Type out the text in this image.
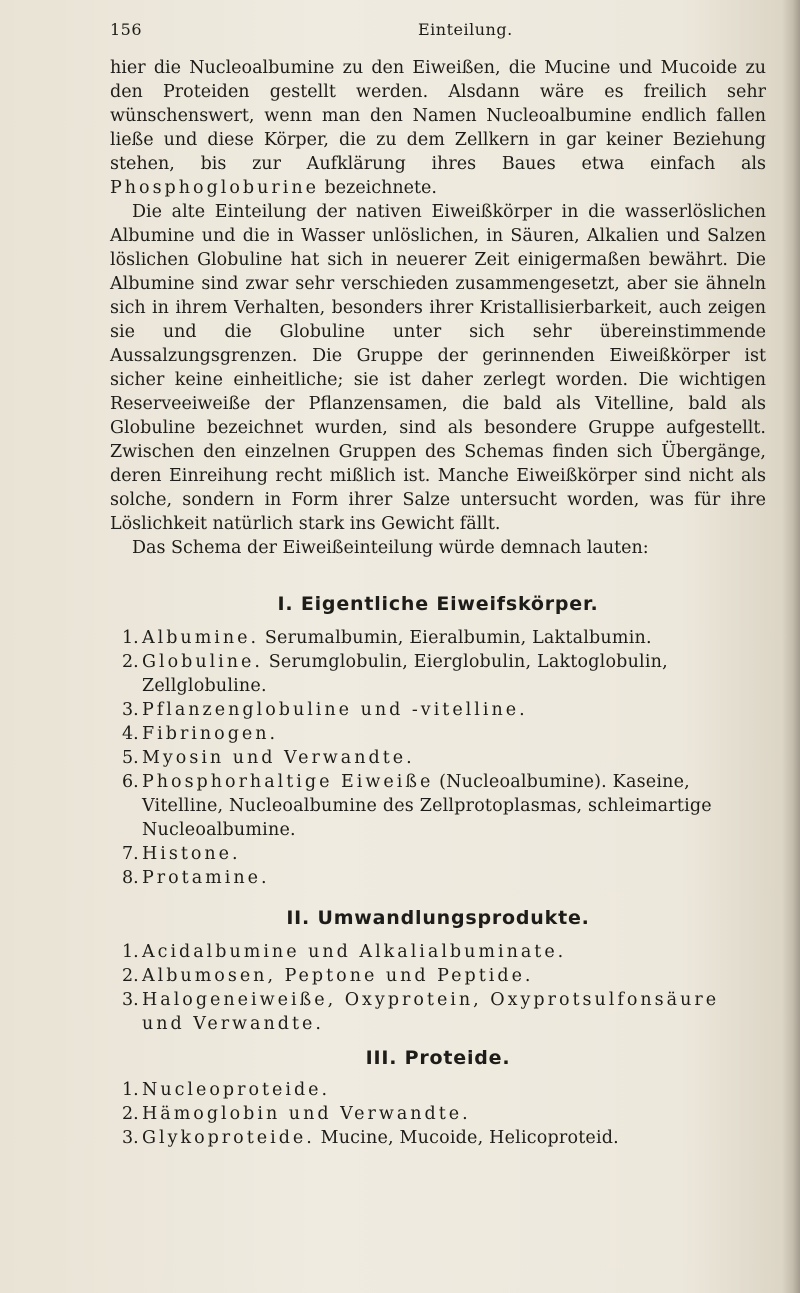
156	Einteilung.

hier die Nucleoalbumine zu den Eiweißen, die Mucine und Mucoide zu den Proteiden gestellt werden. Alsdann wäre es freilich sehr wünschenswert, wenn man den Namen Nucleoalbumine endlich fallen ließe und diese Körper, die zu dem Zellkern in gar keiner Beziehung stehen, bis zur Aufklärung ihres Baues etwa einfach als Phosphogloburine bezeichnete.

Die alte Einteilung der nativen Eiweißkörper in die wasserlöslichen Albumine und die in Wasser unlöslichen, in Säuren, Alkalien und Salzen löslichen Globuline hat sich in neuerer Zeit einigermaßen bewährt. Die Albumine sind zwar sehr verschieden zusammengesetzt, aber sie ähneln sich in ihrem Verhalten, besonders ihrer Kristallisierbarkeit, auch zeigen sie und die Globuline unter sich sehr übereinstimmende Aussalzungsgrenzen. Die Gruppe der gerinnenden Eiweißkörper ist sicher keine einheitliche; sie ist daher zerlegt worden. Die wichtigen Reserveeiweiße der Pflanzensamen, die bald als Vitelline, bald als Globuline bezeichnet wurden, sind als besondere Gruppe aufgestellt. Zwischen den einzelnen Gruppen des Schemas finden sich Übergänge, deren Einreihung recht mißlich ist. Manche Eiweißkörper sind nicht als solche, sondern in Form ihrer Salze untersucht worden, was für ihre Löslichkeit natürlich stark ins Gewicht fällt.

Das Schema der Eiweißeinteilung würde demnach lauten:

I. Eigentliche Eiweifskörper.
1. Albumine. Serumalbumin, Eieralbumin, Laktalbumin.
2. Globuline. Serumglobulin, Eierglobulin, Laktoglobulin, Zellglobuline.
3. Pflanzenglobuline und -vitelline.
4. Fibrinogen.
5. Myosin und Verwandte.
6. Phosphorhaltige Eiweiße (Nucleoalbumine). Kaseine, Vitelline, Nucleoalbumine des Zellprotoplasmas, schleimartige Nucleoalbumine.
7. Histone.
8. Protamine.
II. Umwandlungsprodukte.
1. Acidalbumine und Alkalialbuminate.
2. Albumosen, Peptone und Peptide.
3. Halogeneiweiße, Oxyprotein, Oxyprotsulfonsäure und Verwandte.
III. Proteide.
1. Nucleoproteide.
2. Hämoglobin und Verwandte.
3. Glykoproteide. Mucine, Mucoide, Helicoproteid.
